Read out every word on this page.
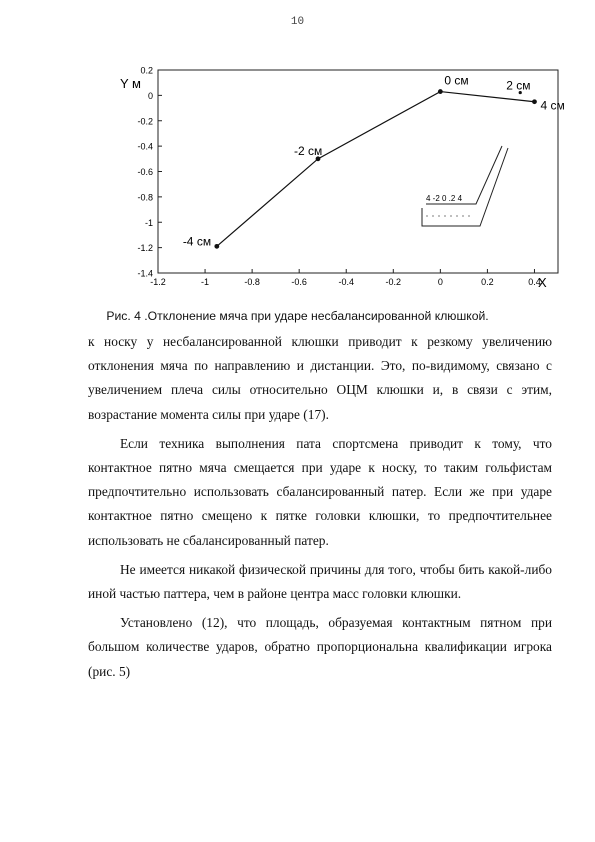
10
0.2
0
-0.2
-0.4
-0.6
-0.8
-1
-1.2
-1.4
-1.2	-1	-0.8	-0.6	-0.4	-0.2	0	0.2	0.4
Y м
X
-4 см
-2 см
0 см
4 см
2 см
4 -2 0 .2 4
Рис. 4 .Отклонение мяча при ударе несбалансированной клюшкой.

к носку у несбалансированной клюшки приводит к резкому увеличению отклонения мяча по направлению и дистанции. Это, по-видимому, связано с увеличением плеча силы относительно ОЦМ клюшки и, в связи с этим, возрастание момента силы при ударе (17).

Если техника выполнения пата спортсмена приводит к тому, что контактное пятно мяча смещается при ударе к носку, то таким гольфистам предпочтительно использовать сбалансированный патер. Если же при ударе контактное пятно смещено к пятке головки клюшки, то предпочтительнее использовать не сбалансированный патер.

Не имеется никакой физической причины для того, чтобы бить какой-либо иной частью паттера, чем в районе центра масс головки клюшки.

Установлено (12), что площадь, образуемая контактным пятном при большом количестве ударов, обратно пропорциональна квалификации игрока (рис. 5)
